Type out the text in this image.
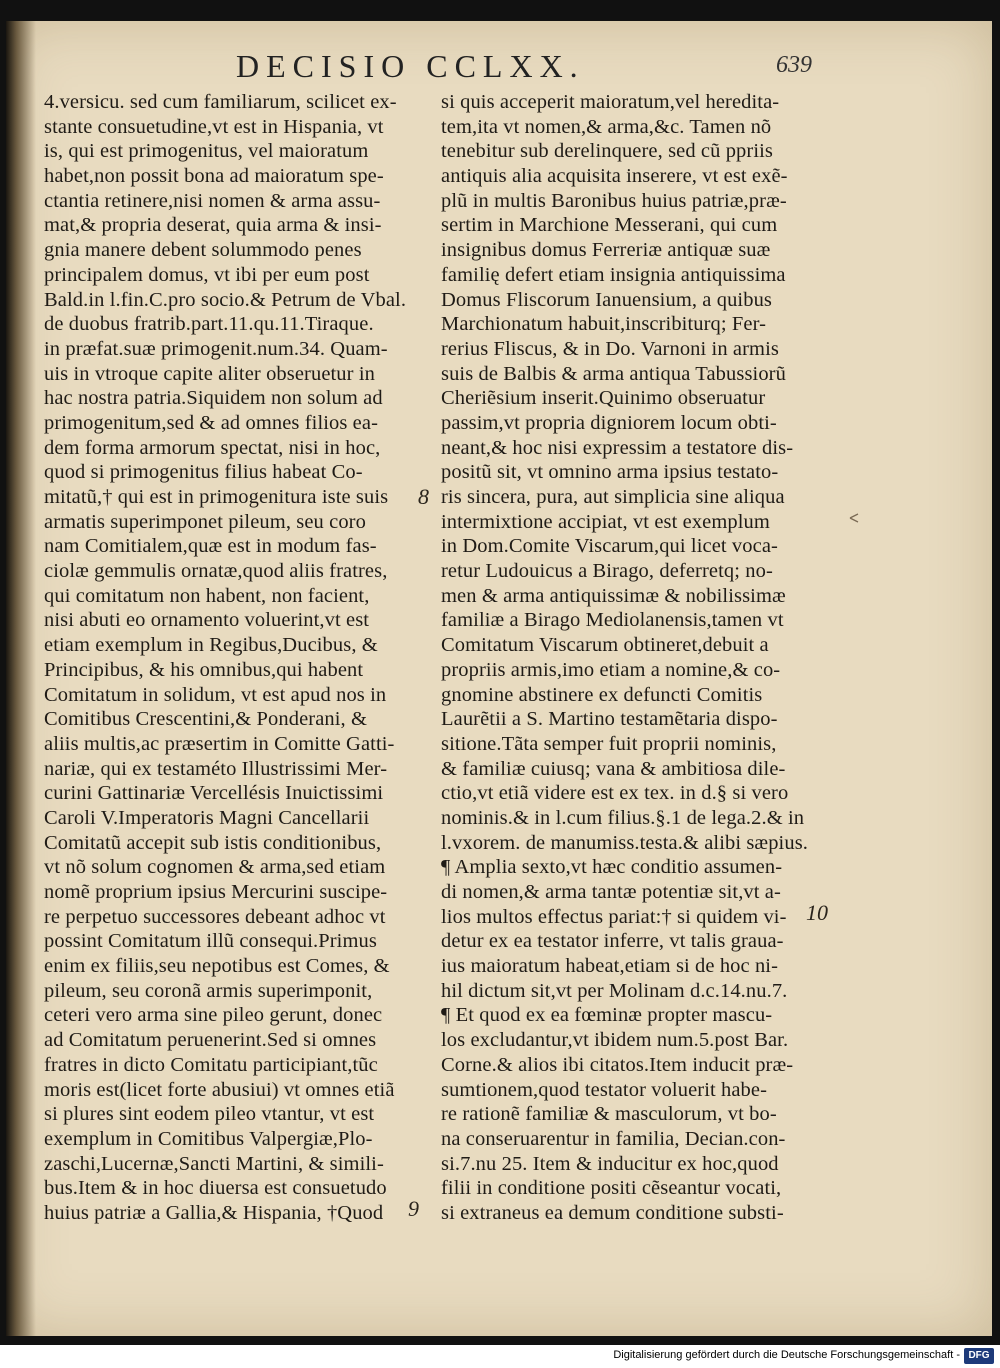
DECISIO CCLXX.	639
4.versicu. sed cum familiarum, scilicet ex-
stante consuetudine,vt est in Hispania, vt
is, qui est primogenitus, vel maioratum
habet,non possit bona ad maioratum spe-
ctantia retinere,nisi nomen & arma assu-
mat,& propria deserat, quia arma & insi-
gnia manere debent solummodo penes
principalem domus, vt ibi per eum post
Bald.in l.fin.C.pro socio.& Petrum de Vbal.
de duobus fratrib.part.11.qu.11.Tiraque.
in præfat.suæ primogenit.num.34. Quam-
uis in vtroque capite aliter obseruetur in
hac nostra patria.Siquidem non solum ad
primogenitum,sed & ad omnes filios ea-
dem forma armorum spectat, nisi in hoc,
quod si primogenitus filius habeat Co-
mitatũ,† qui est in primogenitura iste suis
armatis superimponet pileum, seu coro
nam Comitialem,quæ est in modum fas-
ciolæ gemmulis ornatæ,quod aliis fratres,
qui comitatum non habent, non facient,
nisi abuti eo ornamento voluerint,vt est
etiam exemplum in Regibus,Ducibus, &
Principibus, & his omnibus,qui habent
Comitatum in solidum, vt est apud nos in
Comitibus Crescentini,& Ponderani, &
aliis multis,ac præsertim in Comitte Gatti-
nariæ, qui ex testaméto Illustrissimi Mer-
curini Gattinariæ Vercellésis Inuictissimi
Caroli V.Imperatoris Magni Cancellarii
Comitatũ accepit sub istis conditionibus,
vt nõ solum cognomen & arma,sed etiam
nomẽ proprium ipsius Mercurini suscipe-
re perpetuo successores debeant adhoc vt
possint Comitatum illũ consequi.Primus
enim ex filiis,seu nepotibus est Comes, &
pileum, seu coronã armis superimponit,
ceteri vero arma sine pileo gerunt, donec
ad Comitatum peruenerint.Sed si omnes
fratres in dicto Comitatu participiant,tũc
moris est(licet forte abusiui) vt omnes etiã
si plures sint eodem pileo vtantur, vt est
exemplum in Comitibus Valpergiæ,Plo-
zaschi,Lucernæ,Sancti Martini, & simili-
bus.Item & in hoc diuersa est consuetudo
huius patriæ a Gallia,& Hispania, †Quod
si quis acceperit maioratum,vel heredita-
tem,ita vt nomen,& arma,&c. Tamen nõ
tenebitur sub derelinquere, sed cũ ppriis
antiquis alia acquisita inserere, vt est exẽ-
plũ in multis Baronibus huius patriæ,præ-
sertim in Marchione Messerani, qui cum
insignibus domus Ferreriæ antiquæ suæ
familię defert etiam insignia antiquissima
Domus Fliscorum Ianuensium, a quibus
Marchionatum habuit,inscribiturq; Fer-
rerius Fliscus, & in Do. Varnoni in armis
suis de Balbis & arma antiqua Tabussiorũ
Cheriẽsium inserit.Quinimo obseruatur
passim,vt propria digniorem locum obti-
neant,& hoc nisi expressim a testatore dis-
positũ sit, vt omnino arma ipsius testato-
ris sincera, pura, aut simplicia sine aliqua
intermixtione accipiat, vt est exemplum
in Dom.Comite Viscarum,qui licet voca-
retur Ludouicus a Birago, deferretq; no-
men & arma antiquissimæ & nobilissimæ
familiæ a Birago Mediolanensis,tamen vt
Comitatum Viscarum obtineret,debuit a
propriis armis,imo etiam a nomine,& co-
gnomine abstinere ex defuncti Comitis
Laurẽtii a S. Martino testamẽtaria dispo-
sitione.Tãta semper fuit proprii nominis,
& familiæ cuiusq; vana & ambitiosa dile-
ctio,vt etiã videre est ex tex. in d.§ si vero
nominis.& in l.cum filius.§.1 de lega.2.& in
l.vxorem. de manumiss.testa.& alibi sæpius.
¶ Amplia sexto,vt hæc conditio assumen-
di nomen,& arma tantæ potentiæ sit,vt a-
lios multos effectus pariat:† si quidem vi-
detur ex ea testator inferre, vt talis graua-
ius maioratum habeat,etiam si de hoc ni-
hil dictum sit,vt per Molinam d.c.14.nu.7.
¶ Et quod ex ea fœminæ propter mascu-
los excludantur,vt ibidem num.5.post Bar.
Corne.& alios ibi citatos.Item inducit præ-
sumtionem,quod testator voluerit habe-
re rationẽ familiæ & masculorum, vt bo-
na conseruarentur in familia, Decian.con-
si.7.nu 25. Item & inducitur ex hoc,quod
filii in conditione positi cẽseantur vocati,
si extraneus ea demum conditione substi-
8
9
10
Digitalisierung gefördert durch die Deutsche Forschungsgemeinschaft - DFG
